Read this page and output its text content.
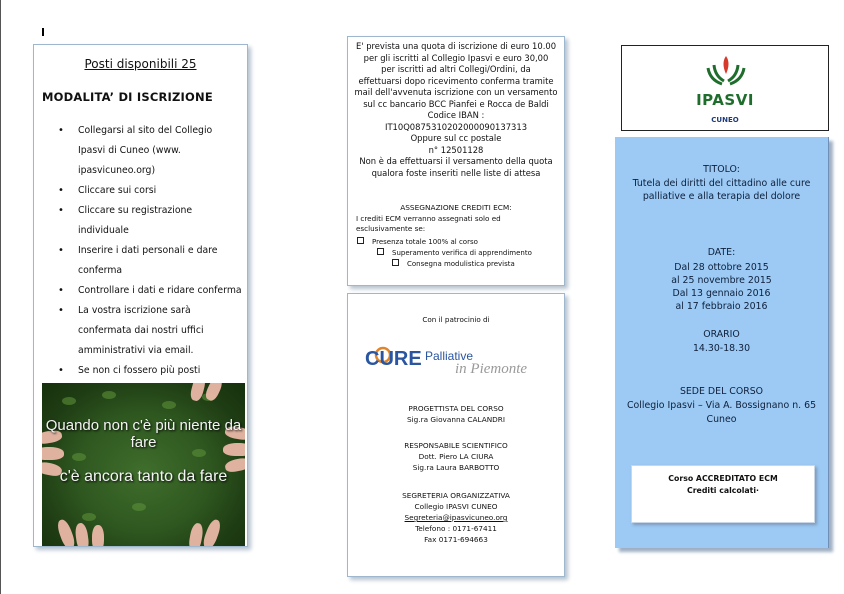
Posti disponibili 25
MODALITA’ DI ISCRIZIONE
• Collegarsi al sito del Collegio Ipasvi di Cuneo (www. ipasvicuneo.org)
• Cliccare sui corsi
• Cliccare su registrazione individuale
• Inserire i dati personali e dare conferma
• Controllare i dati e ridare conferma
• La vostra iscrizione sarà confermata dai nostri uffici amministrativi via email.
• Se non ci fossero più posti
Quando non c'è più niente da fare
c'è ancora tanto da fare
E' prevista una quota di iscrizione di euro 10.00
per gli iscritti al Collegio Ipasvi e euro 30,00
per iscritti ad altri Collegi/Ordini, da
effettuarsi dopo ricevimento conferma tramite
mail dell'avvenuta iscrizione con un versamento
sul cc bancario BCC Pianfei e Rocca de Baldi
Codice IBAN :
IT10Q0875310202000090137313
Oppure sul cc postale
n° 12501128
Non è da effettuarsi il versamento della quota
qualora foste inseriti nelle liste di attesa
ASSEGNAZIONE CREDITI ECM:
I crediti ECM verranno assegnati solo ed esclusivamente se:
Presenza totale 100% al corso
Superamento verifica di apprendimento
Consegna modulistica prevista
Con il patrocinio di
CURE Palliative
in Piemonte
PROGETTISTA DEL CORSO
Sig.ra Giovanna CALANDRI
RESPONSABILE SCIENTIFICO
Dott. Piero LA CIURA
Sig.ra Laura BARBOTTO
SEGRETERIA ORGANIZZATIVA
Collegio IPASVI CUNEO
Segreteria@ipasvicuneo.org
Telefono : 0171-67411
Fax 0171-694663
IPASVI
CUNEO
TITOLO:
Tutela dei diritti del cittadino alle cure
palliative e alla terapia del dolore
DATE:
Dal 28 ottobre 2015
al 25 novembre 2015
Dal 13 gennaio 2016
al 17 febbraio 2016
ORARIO
14.30-18.30
SEDE DEL CORSO
Collegio Ipasvi – Via A. Bossignano n. 65
Cuneo
Corso ACCREDITATO ECM
Crediti calcolati·
